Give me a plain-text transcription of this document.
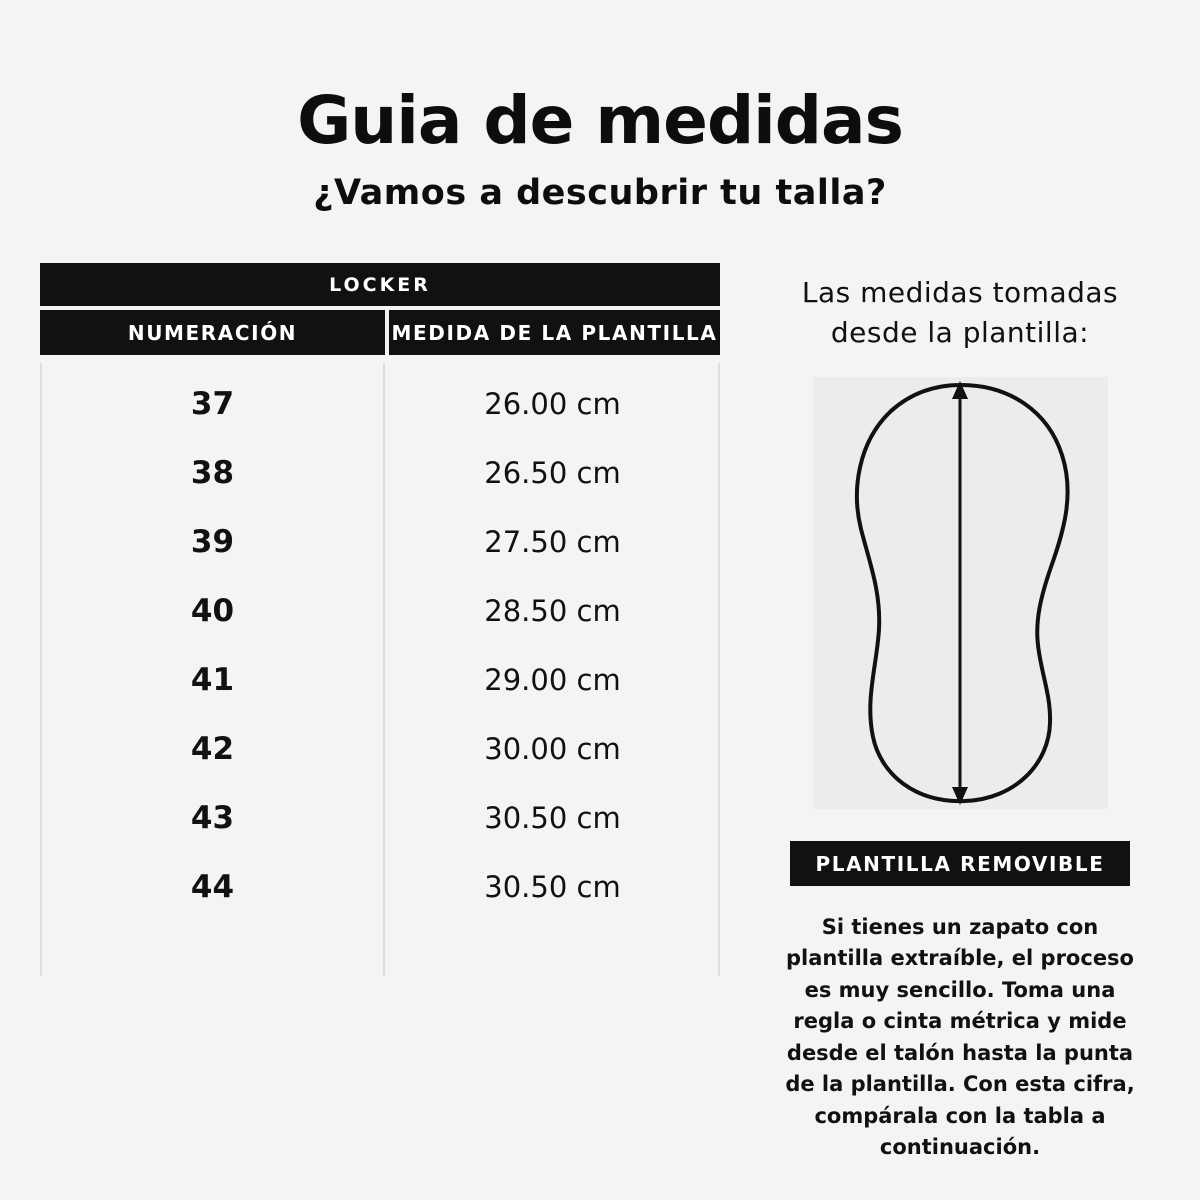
Guia de medidas

¿Vamos a descubrir tu talla?

LOCKER
NUMERACIÓN	MEDIDA DE LA PLANTILLA
37	26.00 cm
38	26.50 cm
39	27.50 cm
40	28.50 cm
41	29.00 cm
42	30.00 cm
43	30.50 cm
44	30.50 cm

Las medidas tomadas desde la plantilla:

PLANTILLA REMOVIBLE

Si tienes un zapato con plantilla extraíble, el proceso es muy sencillo. Toma una regla o cinta métrica y mide desde el talón hasta la punta de la plantilla. Con esta cifra, compárala con la tabla a continuación.
